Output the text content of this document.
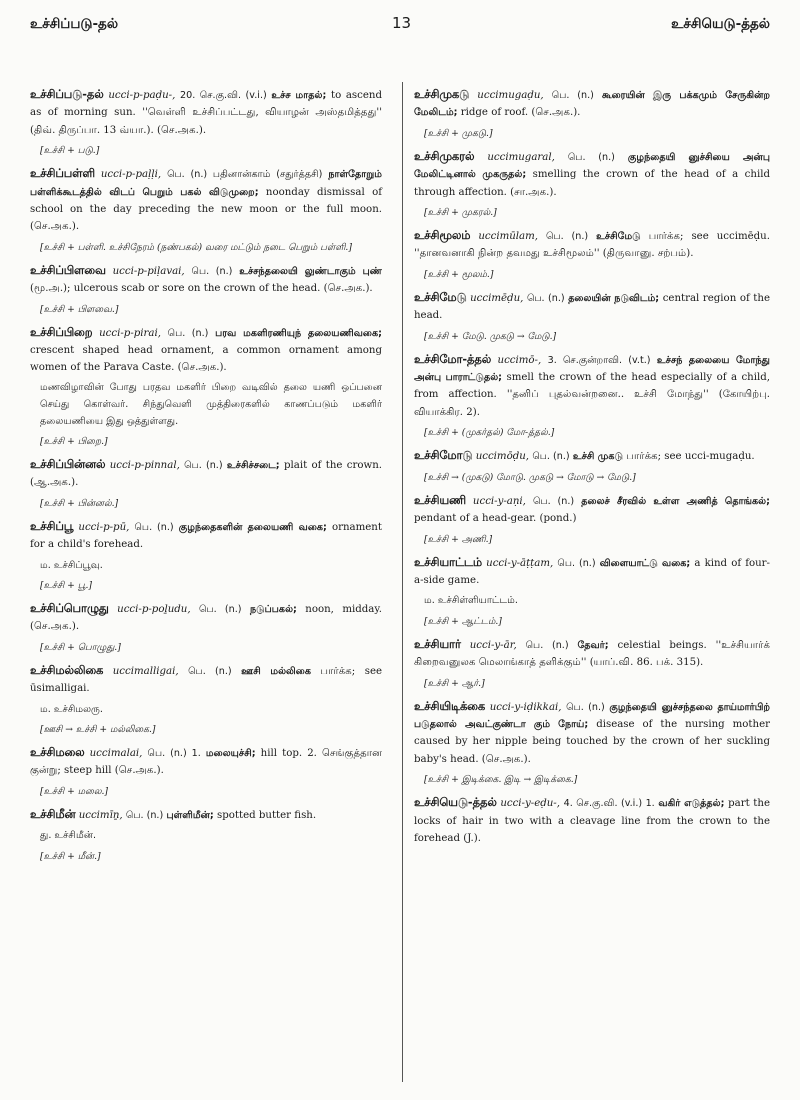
உச்சிப்படு-தல்	13	உச்சியெடு-த்தல்
உச்சிப்படு-தல் ucci-p-paḍu-, 20. செ.கு.வி. (v.i.) உச்ச மாதல்; to ascend as of morning sun. ''வெள்ளி உச்சிப்பட்டது, வியாழன் அஸ்தமித்தது'' (திவ். திருப்பா. 13 வ்யா.). (செ.அக.).
[உச்சி + படு.]
உச்சிப்பள்ளி ucci-p-paḷḷi, பெ. (n.) பதினான்காம் (சதுர்த்தசி) நாள்தோறும் பள்ளிக்கூடத்தில் விடப் பெறும் பகல் விடுமுறை; noonday dismissal of school on the day preceding the new moon or the full moon. (செ.அக.).
[உச்சி + பள்ளி. உச்சிநேரம் (நண்பகல்) வரை மட்டும் நடை பெறும் பள்ளி.]
உச்சிப்பிளவை ucci-p-piḷavai, பெ. (n.) உச்சந்தலையி லுண்டாகும் புண் (மூ.அ.); ulcerous scab or sore on the crown of the head. (செ.அக.).
[உச்சி + பிளவை.]
உச்சிப்பிறை ucci-p-pirai, பெ. (n.) பரவ மகளிரணியுந் தலையணிவகை; crescent shaped head ornament, a common ornament among women of the Parava Caste. (செ.அக.).
மணவிழாவின் போது பரதவ மகளிர் பிறை வடிவில் தலை யணி ஒப்பனை செய்து கொள்வர். சிந்துவெளி முத்திரைகளில் காணப்படும் மகளிர் தலையணியை இது ஒத்துள்ளது.
[உச்சி + பிறை.]
உச்சிப்பின்னல் ucci-p-pinnal, பெ. (n.) உச்சிச்சடை; plait of the crown. (ஆ.அக.).
[உச்சி + பின்னல்.]
உச்சிப்பூ ucci-p-pū, பெ. (n.) குழந்தைகளின் தலையணி வகை; ornament for a child's forehead.
ம. உச்சிப்பூவு.
[உச்சி + பூ.]
உச்சிப்பொழுது ucci-p-poḻudu, பெ. (n.) நடுப்பகல்; noon, midday. (செ.அக.).
[உச்சி + பொழுது.]
உச்சிமல்லிகை uccimalligai, பெ. (n.) ஊசி மல்லிகை பார்க்க; see ūsimalligai.
ம. உச்சிமலரு.
[ஊசி → உச்சி + மல்லிகை.]
உச்சிமலை uccimalai, பெ. (n.) 1. மலையுச்சி; hill top. 2. செங்குத்தான குன்று; steep hill (செ.அக.).
[உச்சி + மலை.]
உச்சிமீன் uccimīṉ, பெ. (n.) புள்ளிமீன்; spotted butter fish.
து. உச்சிமீன்.
[உச்சி + மீன்.]
உச்சிமுகடு uccimugaḍu, பெ. (n.) கூரையின் இரு பக்கமும் சேருகின்ற மேலிடம்; ridge of roof. (செ.அக.).
[உச்சி + முகடு.]
உச்சிமுகரல் uccimugaral, பெ. (n.) குழந்தையி னுச்சியை அன்பு மேலிட்டினால் முகருதல்; smelling the crown of the head of a child through affection. (சா.அக.).
[உச்சி + முகரல்.]
உச்சிமூலம் uccimūlam, பெ. (n.) உச்சிமேடு பார்க்க; see uccimēḍu. ''தானவனாகி நின்ற தவமது உச்சிமூலம்'' (திருவானு. சற்பம்).
[உச்சி + மூலம்.]
உச்சிமேடு uccimēḍu, பெ. (n.) தலையின் நடுவிடம்; central region of the head.
[உச்சி + மேடு. முகடு → மேடு.]
உச்சிமோ-த்தல் uccimō-, 3. செ.குன்றாவி. (v.t.) உச்சந் தலையை மோந்து அன்பு பாராட்டுதல்; smell the crown of the head especially of a child, from affection. ''தனிப் புதல்வன்றனை.. உச்சி மோந்து'' (கோயிற்பு. வியாக்கிர. 2).
[உச்சி + (முகர்தல்) மோ-த்தல்.]
உச்சிமோடு uccimōḍu, பெ. (n.) உச்சி முகடு பார்க்க; see ucci-mugaḍu.
[உச்சி → (முகடு) மோடு. முகடு → மோடு → மேடு.]
உச்சியணி ucci-y-aṇi, பெ. (n.) தலைச் சீரவில் உள்ள அணித் தொங்கல்; pendant of a head-gear. (pond.)
[உச்சி + அணி.]
உச்சியாட்டம் ucci-y-āṭṭam, பெ. (n.) விளையாட்டு வகை; a kind of four-a-side game.
ம. உச்சிள்ளியாட்டம்.
[உச்சி + ஆட்டம்.]
உச்சியார் ucci-y-ār, பெ. (n.) தேவர்; celestial beings. ''உச்சியார்க் கிறைவனுலக மெலாங்காத் தளிக்கும்'' (யாப்.வி. 86. பக். 315).
[உச்சி + ஆர்.]
உச்சியிடிக்கை ucci-y-iḍikkai, பெ. (n.) குழந்தையி னுச்சந்தலை தாய்மார்பிற் படுதலால் அவட்குண்டா கும் நோய்; disease of the nursing mother caused by her nipple being touched by the crown of her suckling baby's head. (செ.அக.).
[உச்சி + இடிக்கை. இடி → இடிக்கை.]
உச்சியெடு-த்தல் ucci-y-eḍu-, 4. செ.கு.வி. (v.i.) 1. வகிர் எடுத்தல்; part the locks of hair in two with a cleavage line from the crown to the forehead (J.).
